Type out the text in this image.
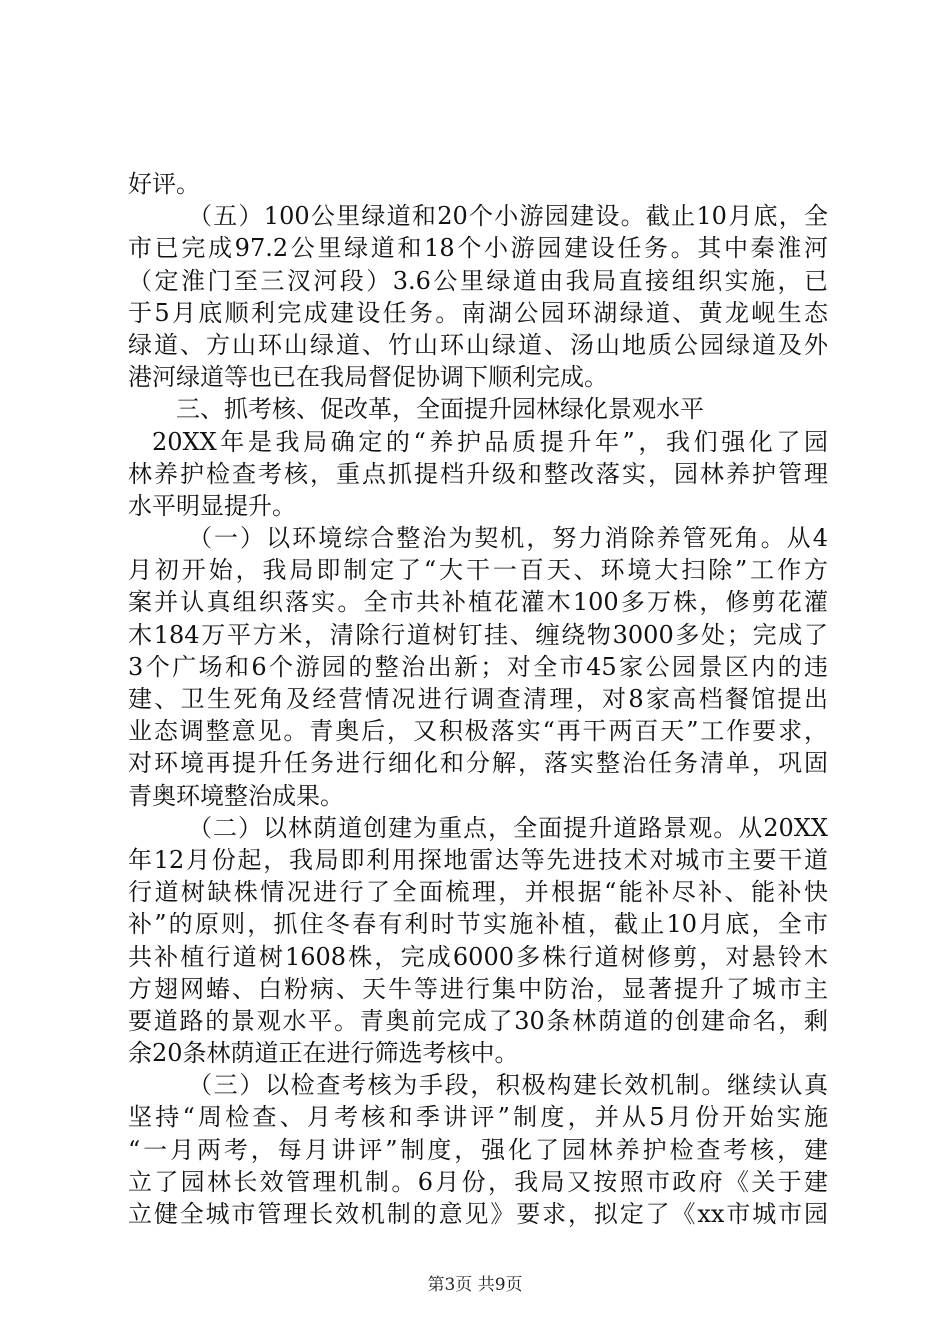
好评。
（五）100公里绿道和20个小游园建设。截止10月底，全
市已完成97.2公里绿道和18个小游园建设任务。其中秦淮河
（定淮门至三汊河段）3.6公里绿道由我局直接组织实施，已
于5月底顺利完成建设任务。南湖公园环湖绿道、黄龙岘生态
绿道、方山环山绿道、竹山环山绿道、汤山地质公园绿道及外
港河绿道等也已在我局督促协调下顺利完成。
三、抓考核、促改革，全面提升园林绿化景观水平
20XX年是我局确定的“养护品质提升年”，我们强化了园
林养护检查考核，重点抓提档升级和整改落实，园林养护管理
水平明显提升。
（一）以环境综合整治为契机，努力消除养管死角。从4
月初开始，我局即制定了“大干一百天、环境大扫除”工作方
案并认真组织落实。全市共补植花灌木100多万株，修剪花灌
木184万平方米，清除行道树钉挂、缠绕物3000多处；完成了
3个广场和6个游园的整治出新；对全市45家公园景区内的违
建、卫生死角及经营情况进行调查清理，对8家高档餐馆提出
业态调整意见。青奥后，又积极落实“再干两百天”工作要求，
对环境再提升任务进行细化和分解，落实整治任务清单，巩固
青奥环境整治成果。
（二）以林荫道创建为重点，全面提升道路景观。从20XX
年12月份起，我局即利用探地雷达等先进技术对城市主要干道
行道树缺株情况进行了全面梳理，并根据“能补尽补、能补快
补”的原则，抓住冬春有利时节实施补植，截止10月底，全市
共补植行道树1608株，完成6000多株行道树修剪，对悬铃木
方翅网蝽、白粉病、天牛等进行集中防治，显著提升了城市主
要道路的景观水平。青奥前完成了30条林荫道的创建命名，剩
余20条林荫道正在进行筛选考核中。
（三）以检查考核为手段，积极构建长效机制。继续认真
坚持“周检查、月考核和季讲评”制度，并从5月份开始实施
“一月两考，每月讲评”制度，强化了园林养护检查考核，建
立了园林长效管理机制。6月份，我局又按照市政府《关于建
立健全城市管理长效机制的意见》要求，拟定了《xx市城市园
第3页 共9页
